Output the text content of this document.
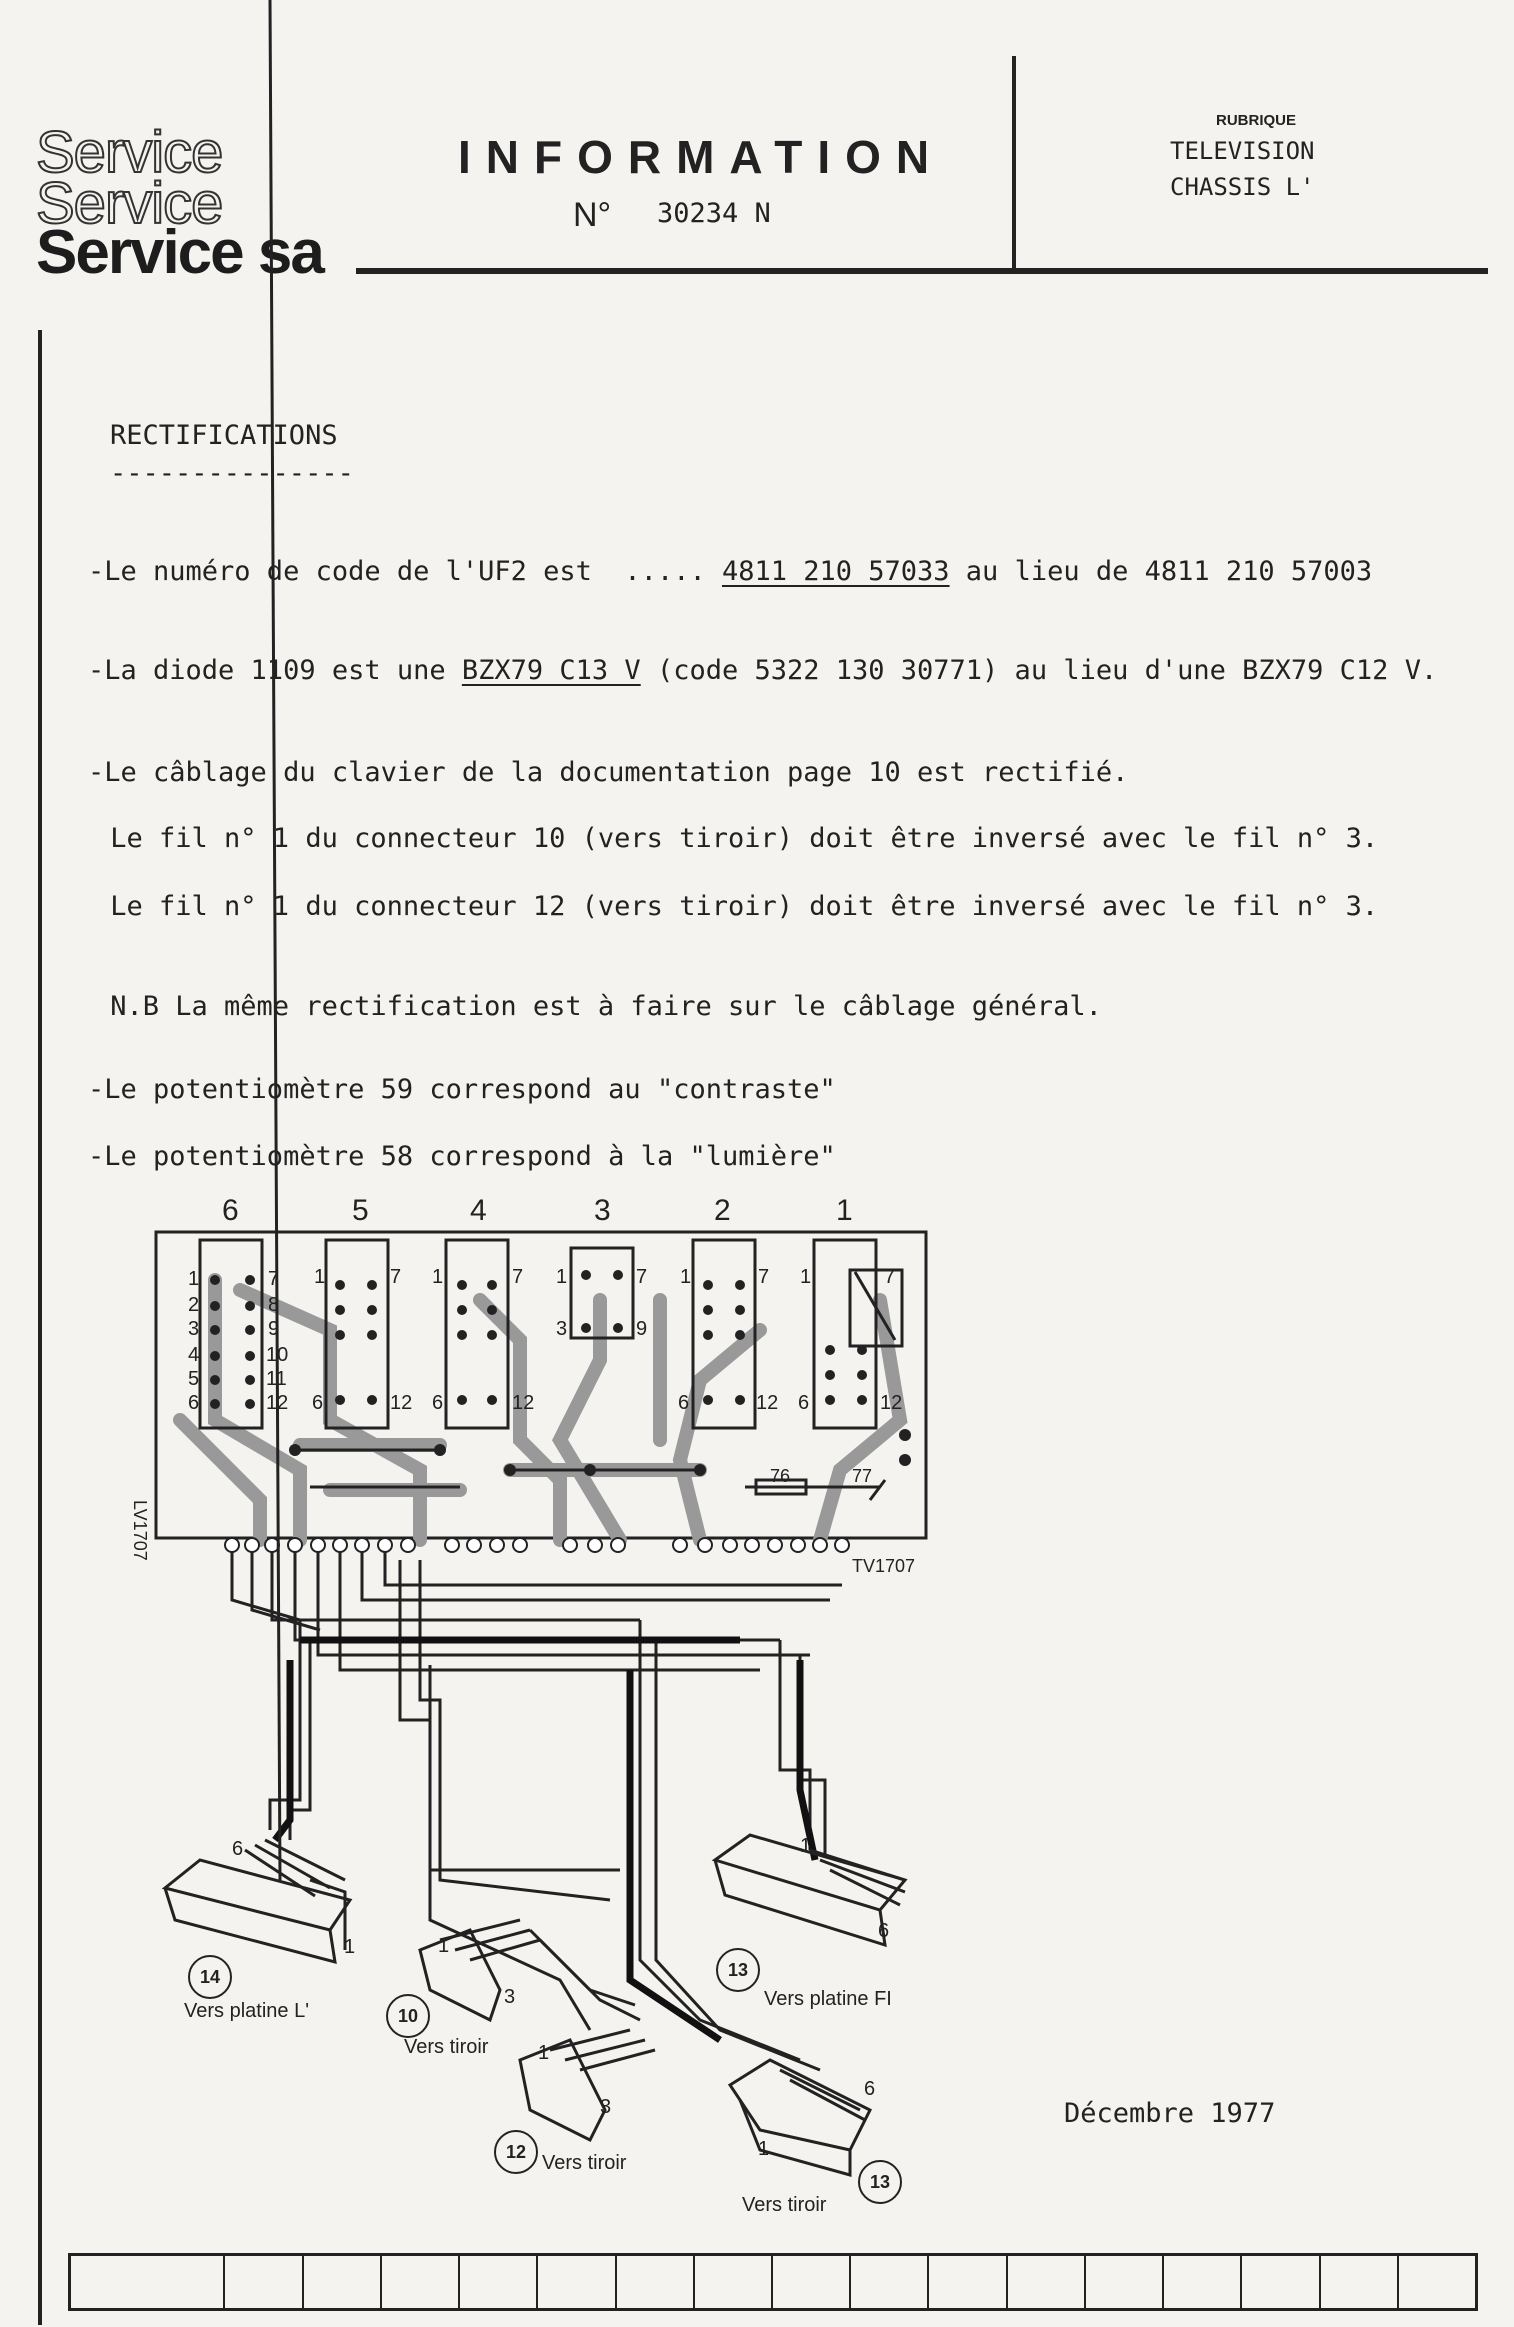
Service
Service
Service sa
INFORMATION
N° 30234 N
RUBRIQUE
TELEVISION
CHASSIS L'
RECTIFICATIONS
---------------
-Le numéro de code de l'UF2 est  ..... 4811 210 57033 au lieu de 4811 210 57003
-La diode 1109 est une BZX79 C13 V (code 5322 130 30771) au lieu d'une BZX79 C12 V.
-Le câblage du clavier de la documentation page 10 est rectifié.
Le fil n° 1 du connecteur 10 (vers tiroir) doit être inversé avec le fil n° 3.
Le fil n° 1 du connecteur 12 (vers tiroir) doit être inversé avec le fil n° 3.
N.B La même rectification est à faire sur le câblage général.
-Le potentiomètre 59 correspond au "contraste"
-Le potentiomètre 58 correspond à la "lumière"
6	5	4	3	2	1
1
2
3
4
5
6
7
8
9
10
11
12
1	7
6	12
1	7
6	12
1	7
3	9
1	7
6	12
1	7
6	12
76	77
TV1707
LV1707
6
1
14
Vers platine L'
1
3
10
Vers tiroir 1
3
12
Vers tiroir
1
6
13
Vers platine FI
6
1
13
Vers tiroir
Décembre 1977
